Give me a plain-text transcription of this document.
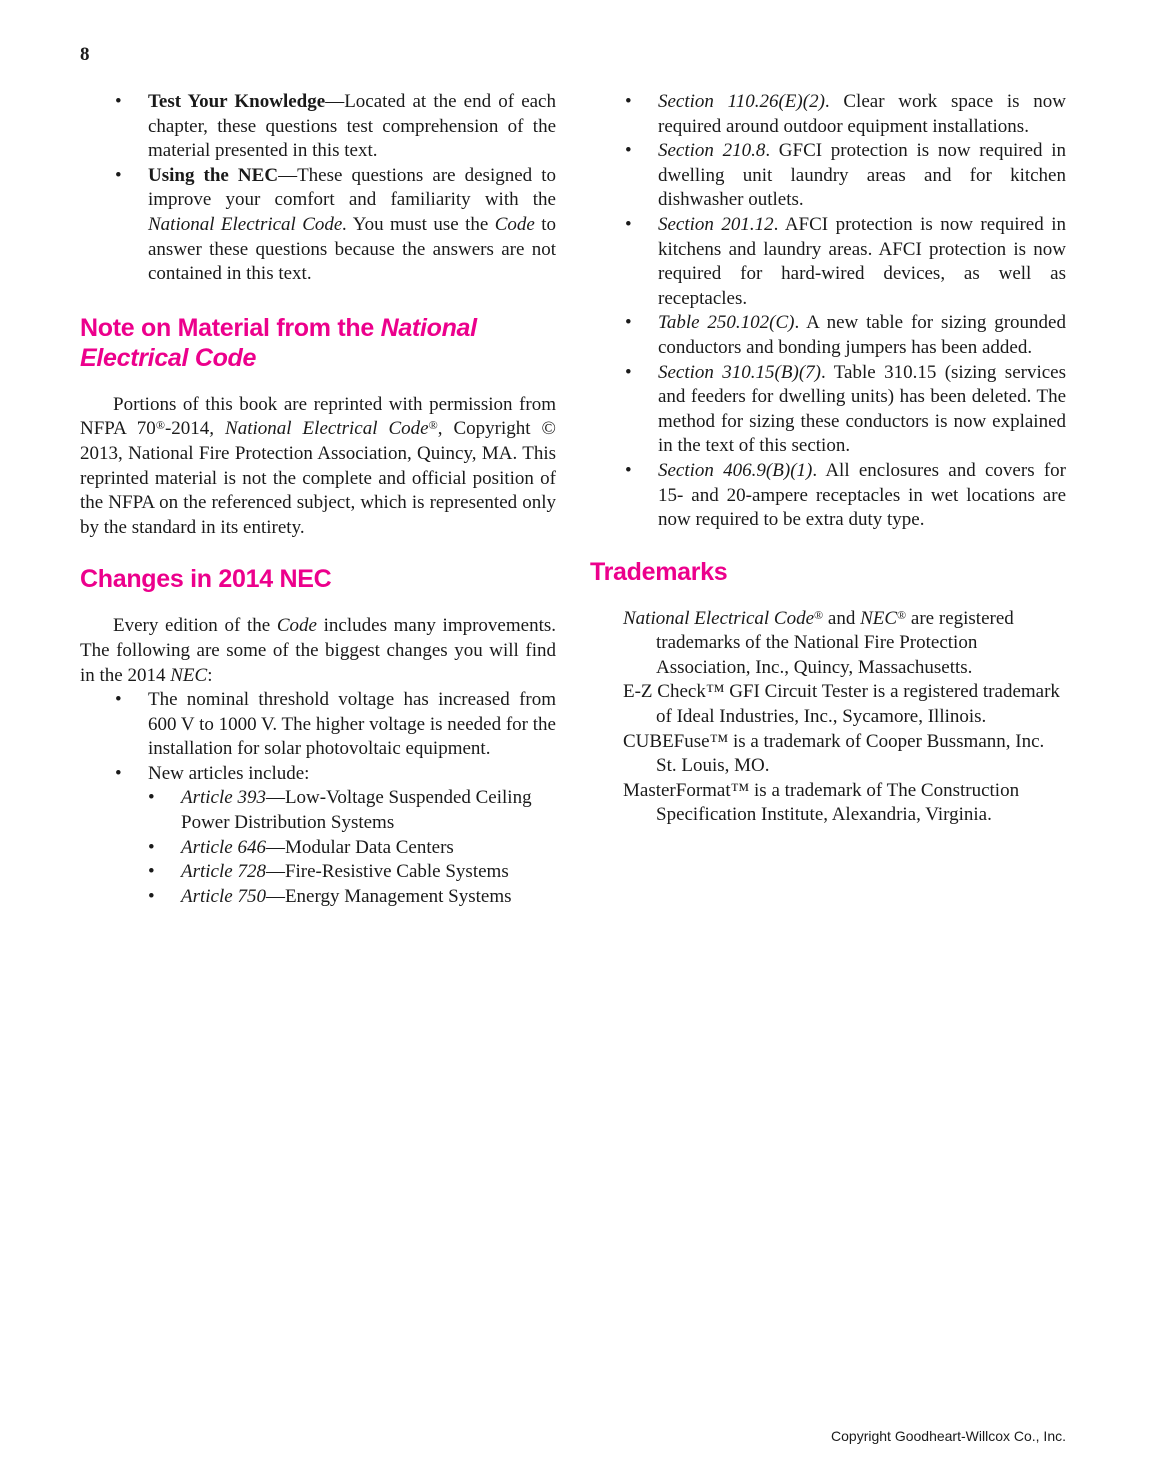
8
• Test Your Knowledge—Located at the end of each chapter, these questions test comprehension of the material presented in this text.
• Using the NEC—These questions are designed to improve your comfort and familiarity with the National Electrical Code. You must use the Code to answer these questions because the answers are not contained in this text.
Note on Material from the National Electrical Code

Portions of this book are reprinted with permission from NFPA 70®-2014, National Electrical Code®, Copyright © 2013, National Fire Protection Association, Quincy, MA. This reprinted material is not the complete and official position of the NFPA on the referenced subject, which is represented only by the standard in its entirety.

Changes in 2014 NEC

Every edition of the Code includes many improvements. The following are some of the biggest changes you will find in the 2014 NEC:

• The nominal threshold voltage has increased from 600 V to 1000 V. The higher voltage is needed for the installation for solar photovoltaic equipment.
• New articles include:
• Article 393—Low-Voltage Suspended Ceiling Power Distribution Systems
• Article 646—Modular Data Centers
• Article 728—Fire-Resistive Cable Systems
• Article 750—Energy Management Systems
• Section 110.26(E)(2). Clear work space is now required around outdoor equipment installations.
• Section 210.8. GFCI protection is now required in dwelling unit laundry areas and for kitchen dishwasher outlets.
• Section 201.12. AFCI protection is now required in kitchens and laundry areas. AFCI protection is now required for hard-wired devices, as well as receptacles.
• Table 250.102(C). A new table for sizing grounded conductors and bonding jumpers has been added.
• Section 310.15(B)(7). Table 310.15 (sizing services and feeders for dwelling units) has been deleted. The method for sizing these conductors is now explained in the text of this section.
• Section 406.9(B)(1). All enclosures and covers for 15- and 20-ampere receptacles in wet locations are now required to be extra duty type.
Trademarks

National Electrical Code® and NEC® are registered trademarks of the National Fire Protection Association, Inc., Quincy, Massachusetts.

E-Z Check™ GFI Circuit Tester is a registered trademark of Ideal Industries, Inc., Sycamore, Illinois.

CUBEFuse™ is a trademark of Cooper Bussmann, Inc. St. Louis, MO.

MasterFormat™ is a trademark of The Construction Specification Institute, Alexandria, Virginia.

Copyright Goodheart-Willcox Co., Inc.
